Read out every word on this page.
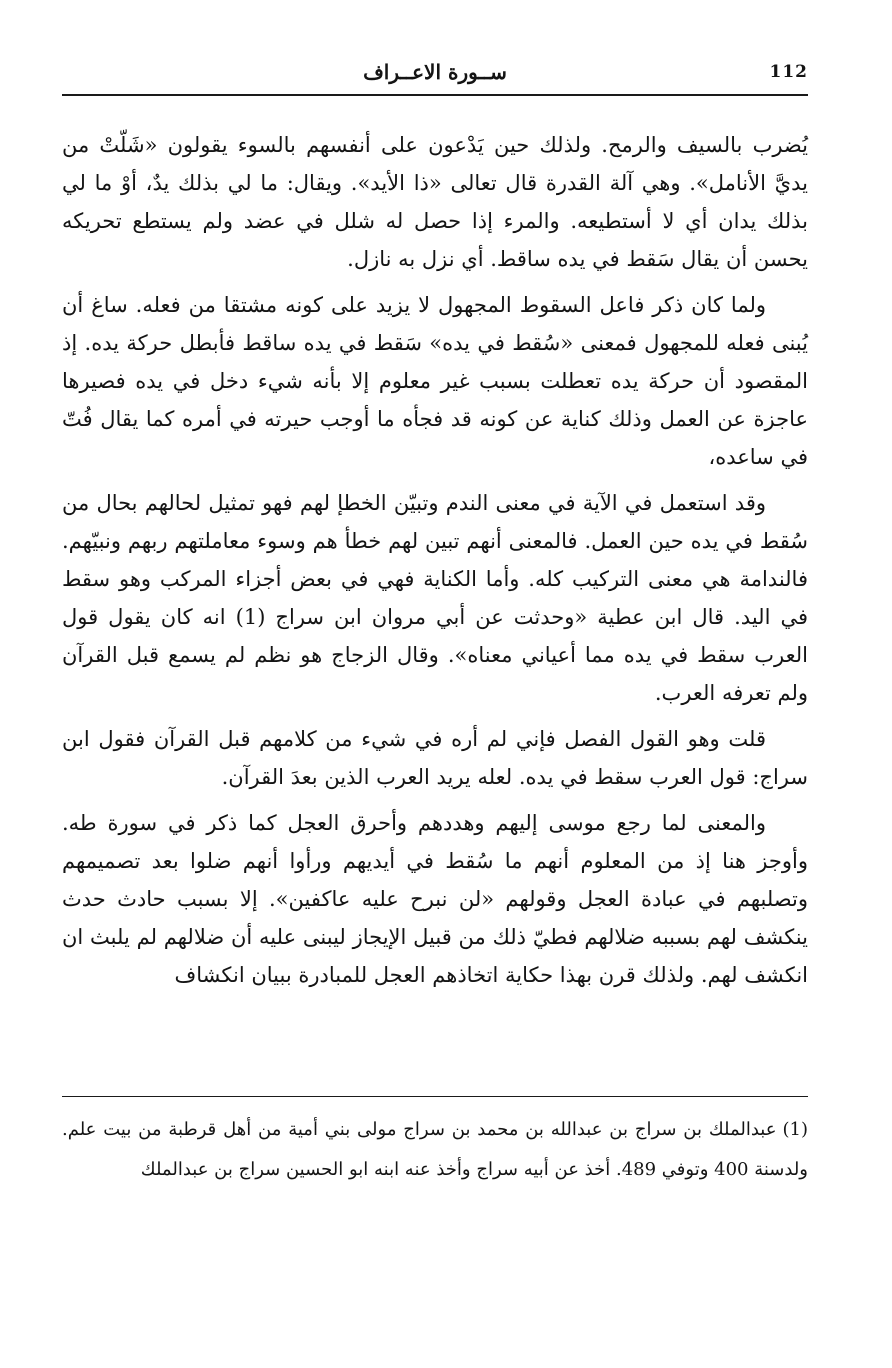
112
ســورة الاعــراف

يُضرب بالسيف والرمح. ولذلك حين يَدْعون على أنفسهم بالسوء يقولون «شَلّتْ من يديَّ الأنامل». وهي آلة القدرة قال تعالى «ذا الأيد». ويقال: ما لي بذلك يدٌ، أوْ ما لي بذلك يدان أي لا أستطيعه. والمرء إذا حصل له شلل في عضد ولم يستطع تحريكه يحسن أن يقال سَقط في يده ساقط. أي نزل به نازل.

ولما كان ذكر فاعل السقوط المجهول لا يزيد على كونه مشتقا من فعله. ساغ أن يُبنى فعله للمجهول فمعنى «سُقط في يده» سَقط في يده ساقط فأبطل حركة يده. إذ المقصود أن حركة يده تعطلت بسبب غير معلوم إلا بأنه شيء دخل في يده فصيرها عاجزة عن العمل وذلك كناية عن كونه قد فجأه ما أوجب حيرته في أمره كما يقال فُتّ في ساعده،

وقد استعمل في الآية في معنى الندم وتبيّن الخطإ لهم فهو تمثيل لحالهم بحال من سُقط في يده حين العمل. فالمعنى أنهم تبين لهم خطأ هم وسوء معاملتهم ربهم ونبيّهم. فالندامة هي معنى التركيب كله. وأما الكناية فهي في بعض أجزاء المركب وهو سقط في اليد. قال ابن عطية «وحدثت عن أبي مروان ابن سراج (1) انه كان يقول قول العرب سقط في يده مما أعياني معناه». وقال الزجاج هو نظم لم يسمع قبل القرآن ولم تعرفه العرب.

قلت وهو القول الفصل فإني لم أره في شيء من كلامهم قبل القرآن فقول ابن سراج: قول العرب سقط في يده. لعله يريد العرب الذين بعدَ القرآن.

والمعنى لما رجع موسى إليهم وهددهم وأحرق العجل كما ذكر في سورة طه. وأوجز هنا إذ من المعلوم أنهم ما سُقط في أيديهم ورأوا أنهم ضلوا بعد تصميمهم وتصلبهم في عبادة العجل وقولهم «لن نبرح عليه عاكفين». إلا بسبب حادث حدث ينكشف لهم بسببه ضلالهم فطيّ ذلك من قبيل الإيجاز ليبنى عليه أن ضلالهم لم يلبث ان انكشف لهم. ولذلك قرن بهذا حكاية اتخاذهم العجل للمبادرة ببيان انكشاف

(1)عبدالملك بن سراج بن عبدالله بن محمد بن سراج مولى بني أمية من أهل قرطبة من بيت علم. ولدسنة 400 وتوفي 489. أخذ عن أبيه سراج وأخذ عنه ابنه ابو الحسين سراج بن عبدالملك
